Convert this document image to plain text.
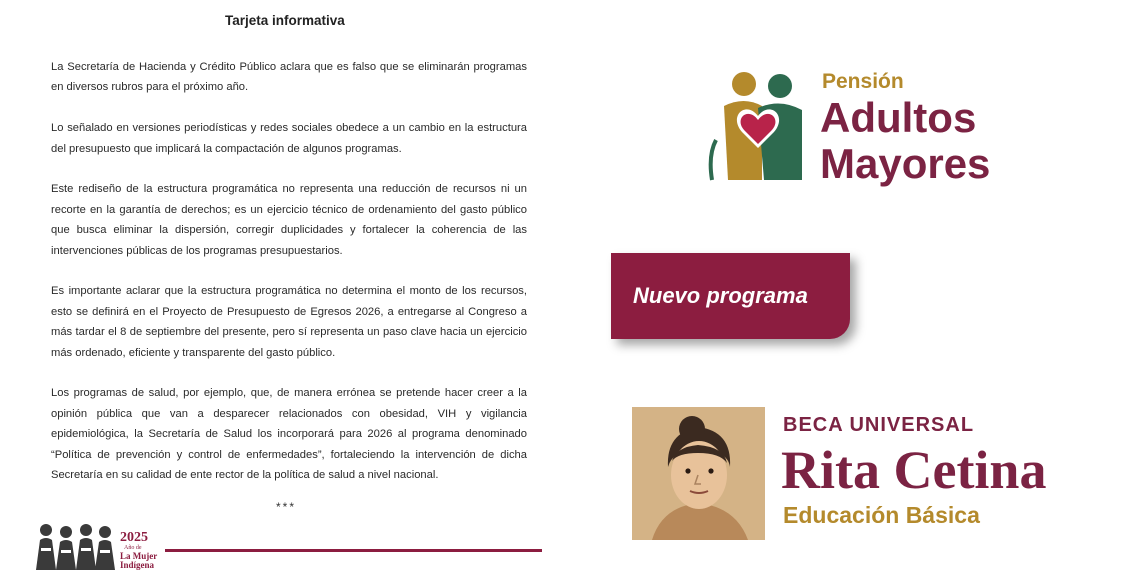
Tarjeta informativa

La Secretaría de Hacienda y Crédito Público aclara que es falso que se eliminarán programas en diversos rubros para el próximo año.

Lo señalado en versiones periodísticas y redes sociales obedece a un cambio en la estructura del presupuesto que implicará la compactación de algunos programas.

Este rediseño de la estructura programática no representa una reducción de recursos ni un recorte en la garantía de derechos; es un ejercicio técnico de ordenamiento del gasto público que busca eliminar la dispersión, corregir duplicidades y fortalecer la coherencia de las intervenciones públicas de los programas presupuestarios.

Es importante aclarar que la estructura programática no determina el monto de los recursos, esto se definirá en el Proyecto de Presupuesto de Egresos 2026, a entregarse al Congreso a más tardar el 8 de septiembre del presente, pero sí representa un paso clave hacia un ejercicio más ordenado, eficiente y transparente del gasto público.

Los programas de salud, por ejemplo, que, de manera errónea se pretende hacer creer a la opinión pública que van a desparecer relacionados con obesidad, VIH y vigilancia epidemiológica, la Secretaría de Salud los incorporará para 2026 al programa denominado “Política de prevención y control de enfermedades”, fortaleciendo la intervención de dicha Secretaría en su calidad de ente rector de la política de salud a nivel nacional.

***
2025
Año de
La Mujer Indígena
Pensión
Adultos
Mayores
Nuevo programa
BECA UNIVERSAL
Rita Cetina
Educación Básica
